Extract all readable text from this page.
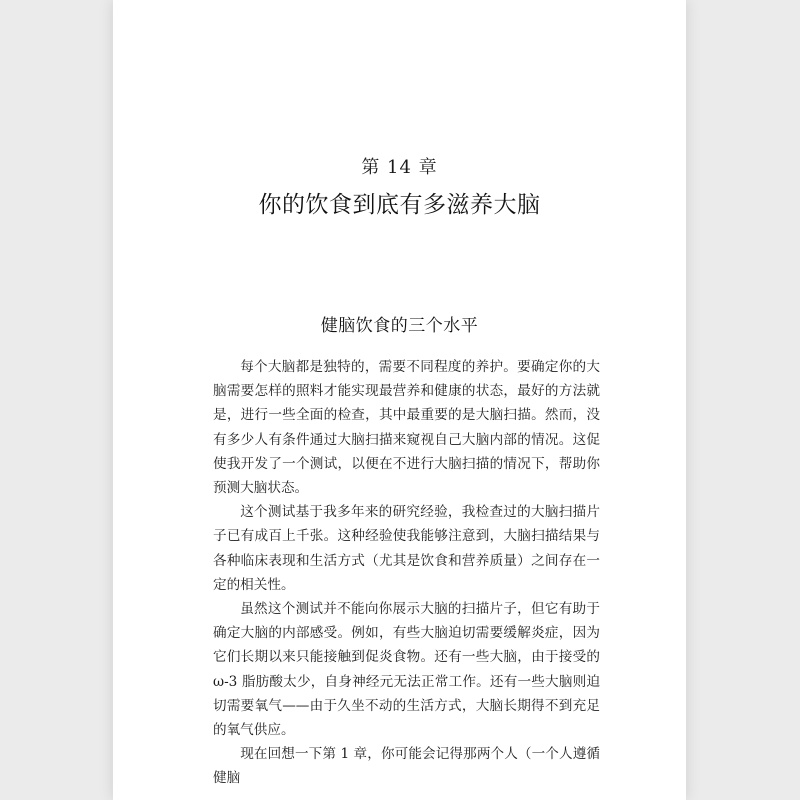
第 14 章
你的饮食到底有多滋养大脑
健脑饮食的三个水平

每个大脑都是独特的，需要不同程度的养护。要确定你的大脑需要怎样的照料才能实现最营养和健康的状态，最好的方法就是，进行一些全面的检查，其中最重要的是大脑扫描。然而，没有多少人有条件通过大脑扫描来窥视自己大脑内部的情况。这促使我开发了一个测试，以便在不进行大脑扫描的情况下，帮助你预测大脑状态。

这个测试基于我多年来的研究经验，我检查过的大脑扫描片子已有成百上千张。这种经验使我能够注意到，大脑扫描结果与各种临床表现和生活方式（尤其是饮食和营养质量）之间存在一定的相关性。

虽然这个测试并不能向你展示大脑的扫描片子，但它有助于确定大脑的内部感受。例如，有些大脑迫切需要缓解炎症，因为它们长期以来只能接触到促炎食物。还有一些大脑，由于接受的 ω-3 脂肪酸太少，自身神经元无法正常工作。还有一些大脑则迫切需要氧气——由于久坐不动的生活方式，大脑长期得不到充足的氧气供应。

现在回想一下第 1 章，你可能会记得那两个人（一个人遵循健脑
